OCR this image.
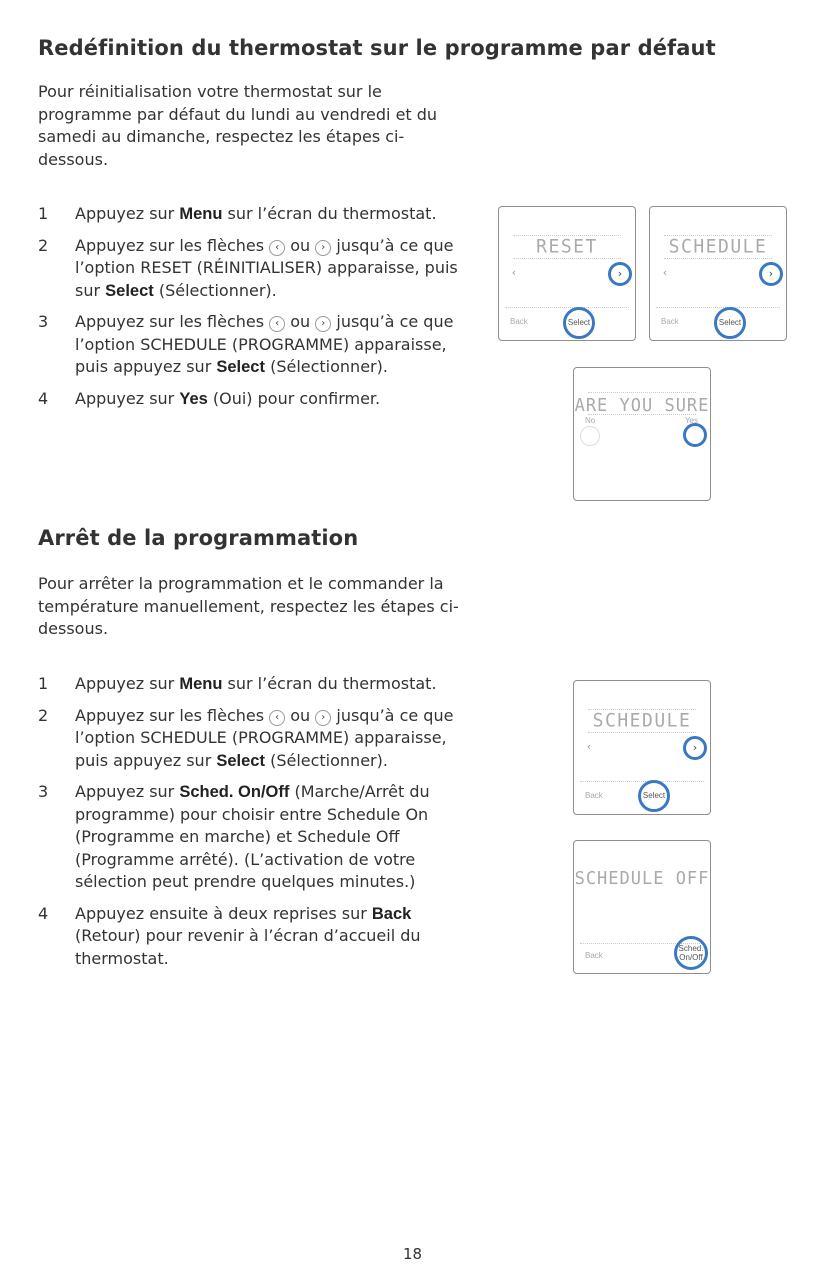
Redéfinition du thermostat sur le programme par défaut
Pour réinitialisation votre thermostat sur le programme par défaut du lundi au vendredi et du samedi au dimanche, respectez les étapes ci-dessous.
1 Appuyez sur Menu sur l’écran du thermostat.
2 Appuyez sur les flèches ‹ ou › jusqu’à ce que l’option RESET (RÉINITIALISER) apparaisse, puis sur Select (Sélectionner).
3 Appuyez sur les flèches ‹ ou › jusqu’à ce que l’option SCHEDULE (PROGRAMME) apparaisse, puis appuyez sur Select (Sélectionner).
4 Appuyez sur Yes (Oui) pour confirmer.
RESET
‹	›
Back	Select
SCHEDULE
‹	›
Back	Select
ARE YOU SURE
No	Yes
Arrêt de la programmation
Pour arrêter la programmation et le commander la température manuellement, respectez les étapes ci-dessous.
1 Appuyez sur Menu sur l’écran du thermostat.
2 Appuyez sur les flèches ‹ ou › jusqu’à ce que l’option SCHEDULE (PROGRAMME) apparaisse, puis appuyez sur Select (Sélectionner).
3 Appuyez sur Sched. On/Off (Marche/Arrêt du programme) pour choisir entre Schedule On (Programme en marche) et Schedule Off (Programme arrêté). (L’activation de votre sélection peut prendre quelques minutes.)
4 Appuyez ensuite à deux reprises sur Back (Retour) pour revenir à l’écran d’accueil du thermostat.
SCHEDULE
‹	›
Back	Select
SCHEDULE OFF
Back
Sched.
On/Off
18
